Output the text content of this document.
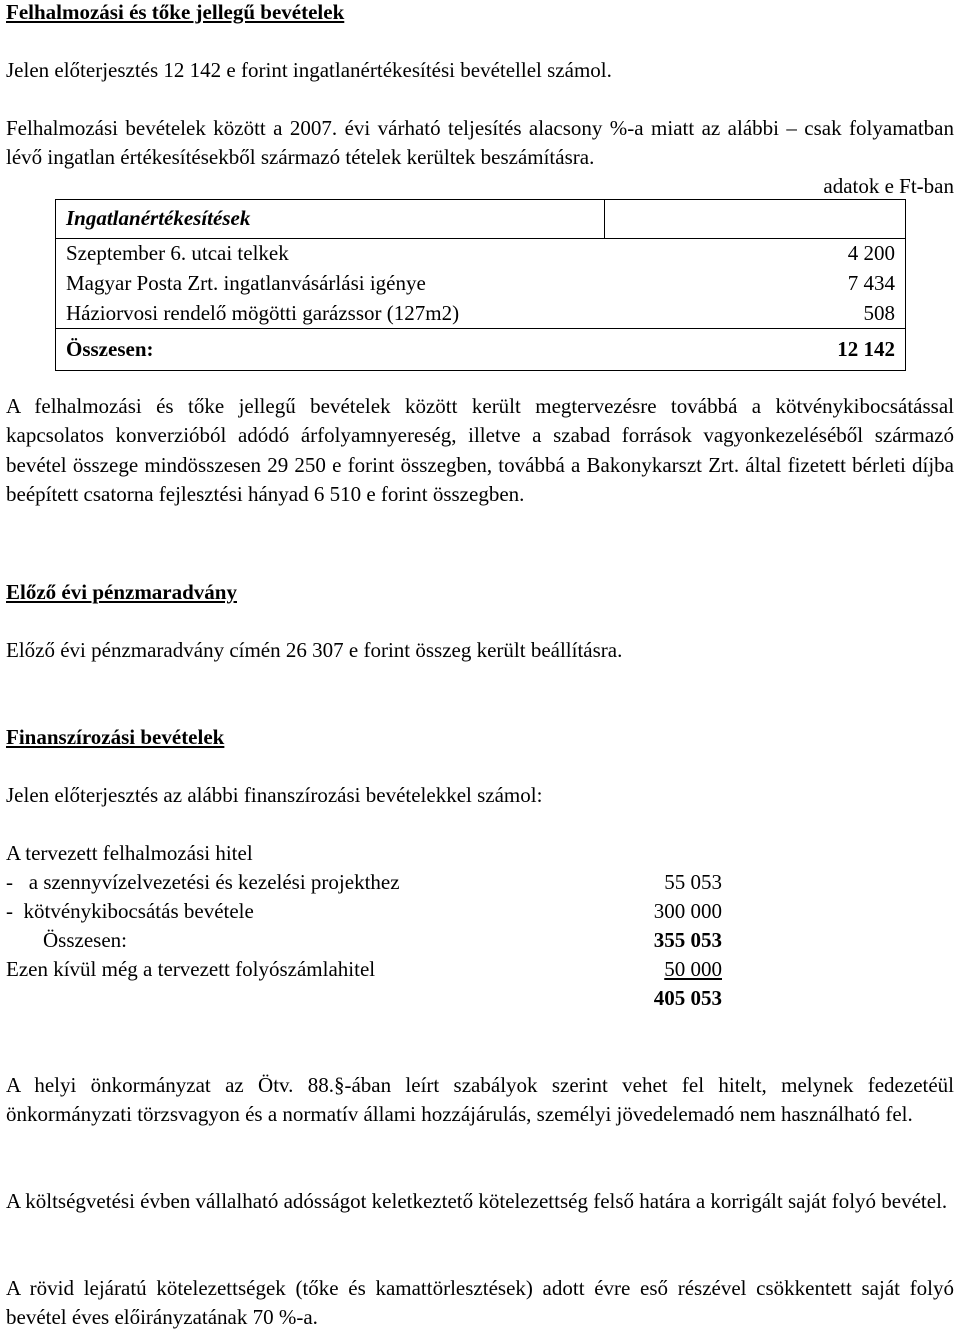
Felhalmozási és tőke jellegű bevételek
Jelen előterjesztés 12 142 e forint ingatlanértékesítési bevétellel számol.
Felhalmozási bevételek között a 2007. évi várható teljesítés alacsony %-a miatt az alábbi – csak folyamatban lévő ingatlan értékesítésekből származó tételek kerültek beszámításra.
adatok e Ft-ban
Ingatlanértékesítések	
Szeptember 6. utcai telkek	4 200
Magyar Posta Zrt. ingatlanvásárlási igénye	7 434
Háziorvosi rendelő mögötti garázssor (127m2)	508
Összesen:	12 142
A felhalmozási és tőke jellegű bevételek között került megtervezésre továbbá a kötvénykibocsátással kapcsolatos konverzióból adódó árfolyamnyereség, illetve a szabad források vagyonkezeléséből származó bevétel összege mindösszesen 29 250 e forint összegben, továbbá a Bakonykarszt Zrt. által fizetett bérleti díjba beépített csatorna fejlesztési hányad 6 510 e forint összegben.
Előző évi pénzmaradvány
Előző évi pénzmaradvány címén 26 307 e forint összeg került beállításra.
Finanszírozási bevételek
Jelen előterjesztés az alábbi finanszírozási bevételekkel számol:
A tervezett felhalmozási hitel
-   a szennyvízelvezetési és kezelési projekthez	55 053
-  kötvénykibocsátás bevétele	300 000
Összesen:	355 053
Ezen kívül még a tervezett folyószámlahitel	50 000
405 053
A helyi önkormányzat az Ötv. 88.§-ában leírt szabályok szerint vehet fel hitelt, melynek fedezetéül önkormányzati törzsvagyon és a normatív állami hozzájárulás, személyi jövedelemadó nem használható fel.
A költségvetési évben vállalható adósságot keletkeztető kötelezettség felső határa a korrigált saját folyó bevétel.
A rövid lejáratú kötelezettségek (tőke és kamattörlesztések) adott évre eső részével csökkentett saját folyó bevétel éves előirányzatának 70 %-a.
